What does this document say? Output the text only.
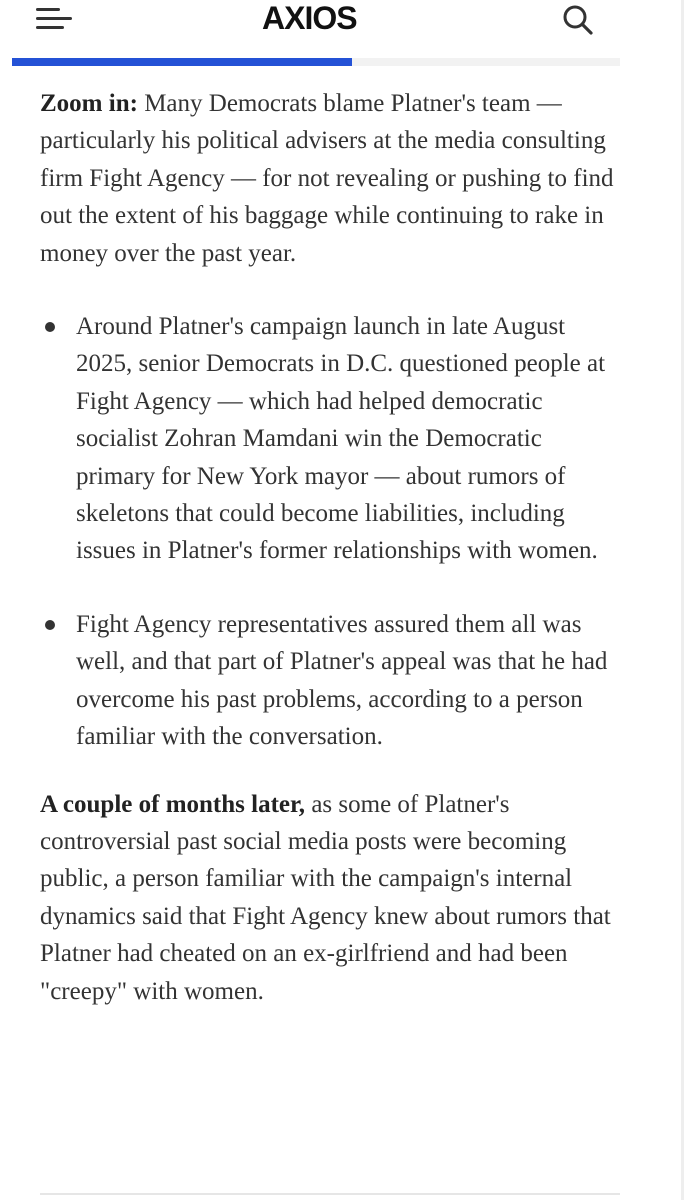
AXIOS

Zoom in: Many Democrats blame Platner's team — particularly his political advisers at the media consulting firm Fight Agency — for not revealing or pushing to find out the extent of his baggage while continuing to rake in money over the past year.

Around Platner's campaign launch in late August 2025, senior Democrats in D.C. questioned people at Fight Agency — which had helped democratic socialist Zohran Mamdani win the Democratic primary for New York mayor — about rumors of skeletons that could become liabilities, including issues in Platner's former relationships with women.
Fight Agency representatives assured them all was well, and that part of Platner's appeal was that he had overcome his past problems, according to a person familiar with the conversation.

A couple of months later, as some of Platner's controversial past social media posts were becoming public, a person familiar with the campaign's internal dynamics said that Fight Agency knew about rumors that Platner had cheated on an ex-girlfriend and had been "creepy" with women.
